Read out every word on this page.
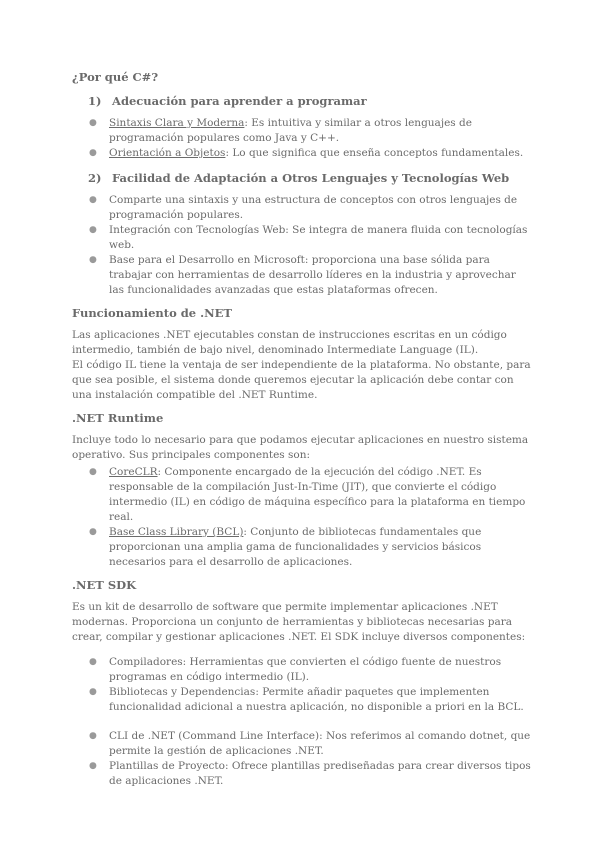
¿Por qué C#?
1) Adecuación para aprender a programar
● Sintaxis Clara y Moderna: Es intuitiva y similar a otros lenguajes de programación populares como Java y C++.
● Orientación a Objetos: Lo que significa que enseña conceptos fundamentales.
2) Facilidad de Adaptación a Otros Lenguajes y Tecnologías Web
● Comparte una sintaxis y una estructura de conceptos con otros lenguajes de programación populares.
● Integración con Tecnologías Web: Se integra de manera fluida con tecnologías web.
● Base para el Desarrollo en Microsoft: proporciona una base sólida para trabajar con herramientas de desarrollo líderes en la industria y aprovechar las funcionalidades avanzadas que estas plataformas ofrecen.
Funcionamiento de .NET

Las aplicaciones .NET ejecutables constan de instrucciones escritas en un código intermedio, también de bajo nivel, denominado Intermediate Language (IL).

El código IL tiene la ventaja de ser independiente de la plataforma. No obstante, para que sea posible, el sistema donde queremos ejecutar la aplicación debe contar con una instalación compatible del .NET Runtime.

.NET Runtime

Incluye todo lo necesario para que podamos ejecutar aplicaciones en nuestro sistema operativo. Sus principales componentes son:

● CoreCLR: Componente encargado de la ejecución del código .NET. Es responsable de la compilación Just-In-Time (JIT), que convierte el código intermedio (IL) en código de máquina específico para la plataforma en tiempo real.
● Base Class Library (BCL): Conjunto de bibliotecas fundamentales que proporcionan una amplia gama de funcionalidades y servicios básicos necesarios para el desarrollo de aplicaciones.
.NET SDK

Es un kit de desarrollo de software que permite implementar aplicaciones .NET modernas. Proporciona un conjunto de herramientas y bibliotecas necesarias para crear, compilar y gestionar aplicaciones .NET. El SDK incluye diversos componentes:

● Compiladores: Herramientas que convierten el código fuente de nuestros programas en código intermedio (IL).
● Bibliotecas y Dependencias: Permite añadir paquetes que implementen funcionalidad adicional a nuestra aplicación, no disponible a priori en la BCL.
● CLI de .NET (Command Line Interface): Nos referimos al comando dotnet, que permite la gestión de aplicaciones .NET.
● Plantillas de Proyecto: Ofrece plantillas prediseñadas para crear diversos tipos de aplicaciones .NET.
